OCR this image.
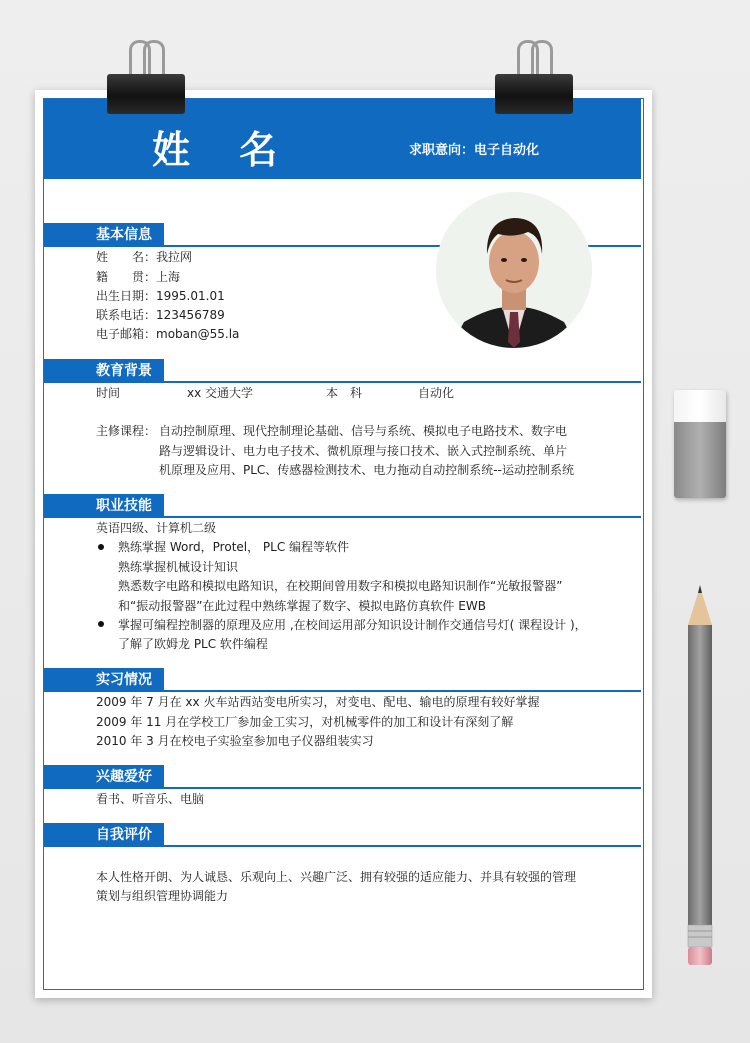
姓 名	求职意向：电子自动化
基本信息
姓　　名：我拉网
籍　　贯：上海
出生日期：1995.01.01
联系电话：123456789
电子邮箱：moban@55.la
教育背景
时间	xx 交通大学	本　科	自动化
主修课程： 自动控制原理、现代控制理论基础、信号与系统、模拟电子电路技术、数字电
路与逻辑设计、电力电子技术、微机原理与接口技术、嵌入式控制系统、单片
机原理及应用、PLC、传感器检测技术、电力拖动自动控制系统--运动控制系统
职业技能
英语四级、计算机二级
熟练掌握 Word，Protel， PLC 编程等软件
熟练掌握机械设计知识
熟悉数字电路和模拟电路知识，在校期间曾用数字和模拟电路知识制作“光敏报警器”
和“振动报警器”在此过程中熟练掌握了数字、模拟电路仿真软件 EWB
掌握可编程控制器的原理及应用 ,在校间运用部分知识设计制作交通信号灯( 课程设计 )，
了解了欧姆龙 PLC 软件编程
实习情况
2009 年 7 月在 xx 火车站西站变电所实习，对变电、配电、输电的原理有较好掌握
2009 年 11 月在学校工厂参加金工实习，对机械零件的加工和设计有深刻了解
2010 年 3 月在校电子实验室参加电子仪器组装实习
兴趣爱好
看书、听音乐、电脑
自我评价
本人性格开朗、为人诚恳、乐观向上、兴趣广泛、拥有较强的适应能力、并具有较强的管理
策划与组织管理协调能力
